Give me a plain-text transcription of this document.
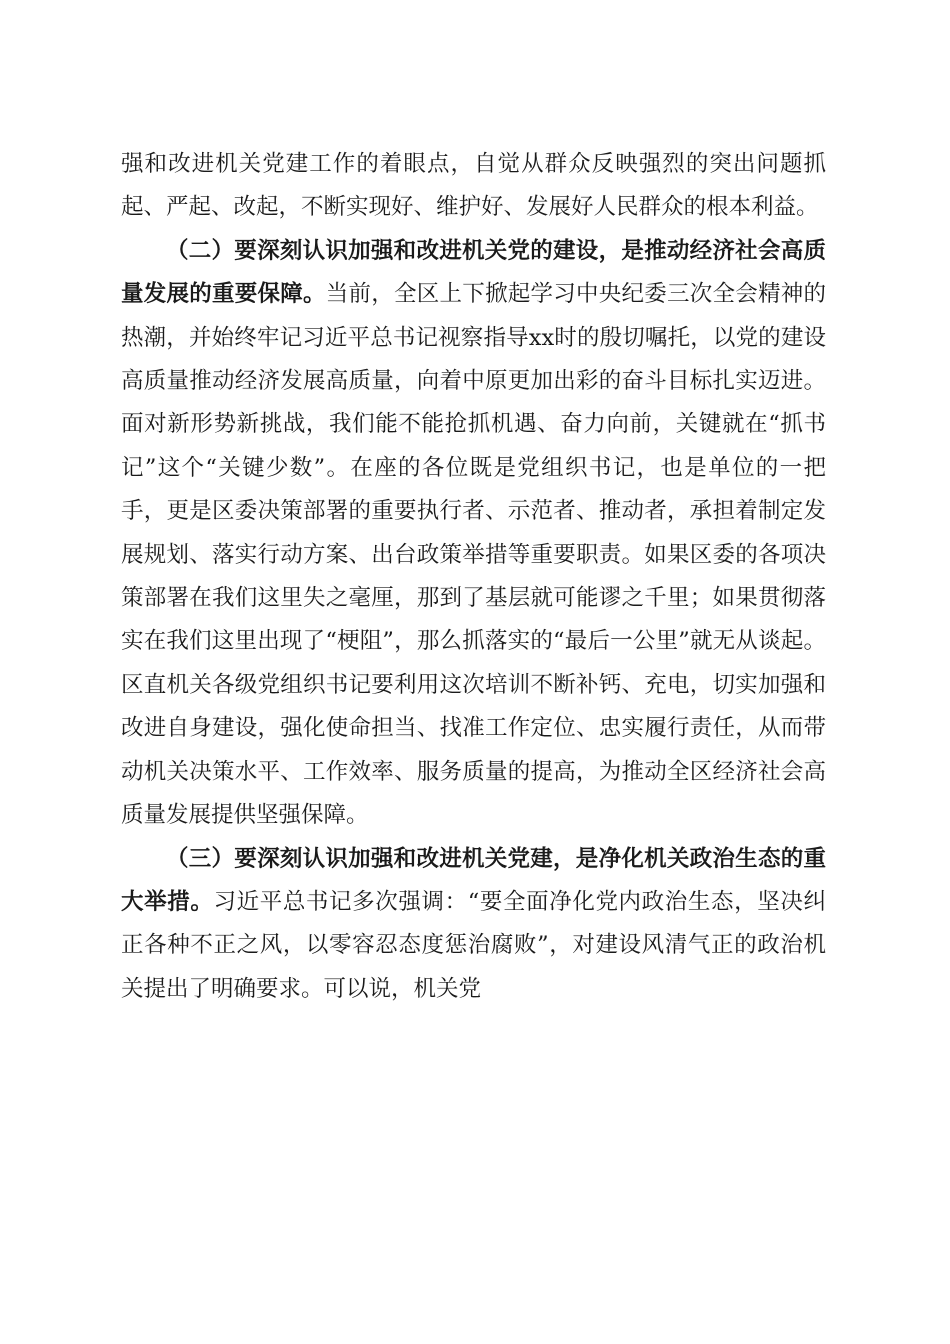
强和改进机关党建工作的着眼点，自觉从群众反映强烈的突出问题抓起、严起、改起，不断实现好、维护好、发展好人民群众的根本利益。

（二）要深刻认识加强和改进机关党的建设，是推动经济社会高质量发展的重要保障。当前，全区上下掀起学习中央纪委三次全会精神的热潮，并始终牢记习近平总书记视察指导xx时的殷切嘱托，以党的建设高质量推动经济发展高质量，向着中原更加出彩的奋斗目标扎实迈进。面对新形势新挑战，我们能不能抢抓机遇、奋力向前，关键就在“抓书记”这个“关键少数”。在座的各位既是党组织书记，也是单位的一把手，更是区委决策部署的重要执行者、示范者、推动者，承担着制定发展规划、落实行动方案、出台政策举措等重要职责。如果区委的各项决策部署在我们这里失之毫厘，那到了基层就可能谬之千里；如果贯彻落实在我们这里出现了“梗阻”，那么抓落实的“最后一公里”就无从谈起。区直机关各级党组织书记要利用这次培训不断补钙、充电，切实加强和改进自身建设，强化使命担当、找准工作定位、忠实履行责任，从而带动机关决策水平、工作效率、服务质量的提高，为推动全区经济社会高质量发展提供坚强保障。

（三）要深刻认识加强和改进机关党建，是净化机关政治生态的重大举措。习近平总书记多次强调：“要全面净化党内政治生态，坚决纠正各种不正之风，以零容忍态度惩治腐败”，对建设风清气正的政治机关提出了明确要求。可以说，机关党
